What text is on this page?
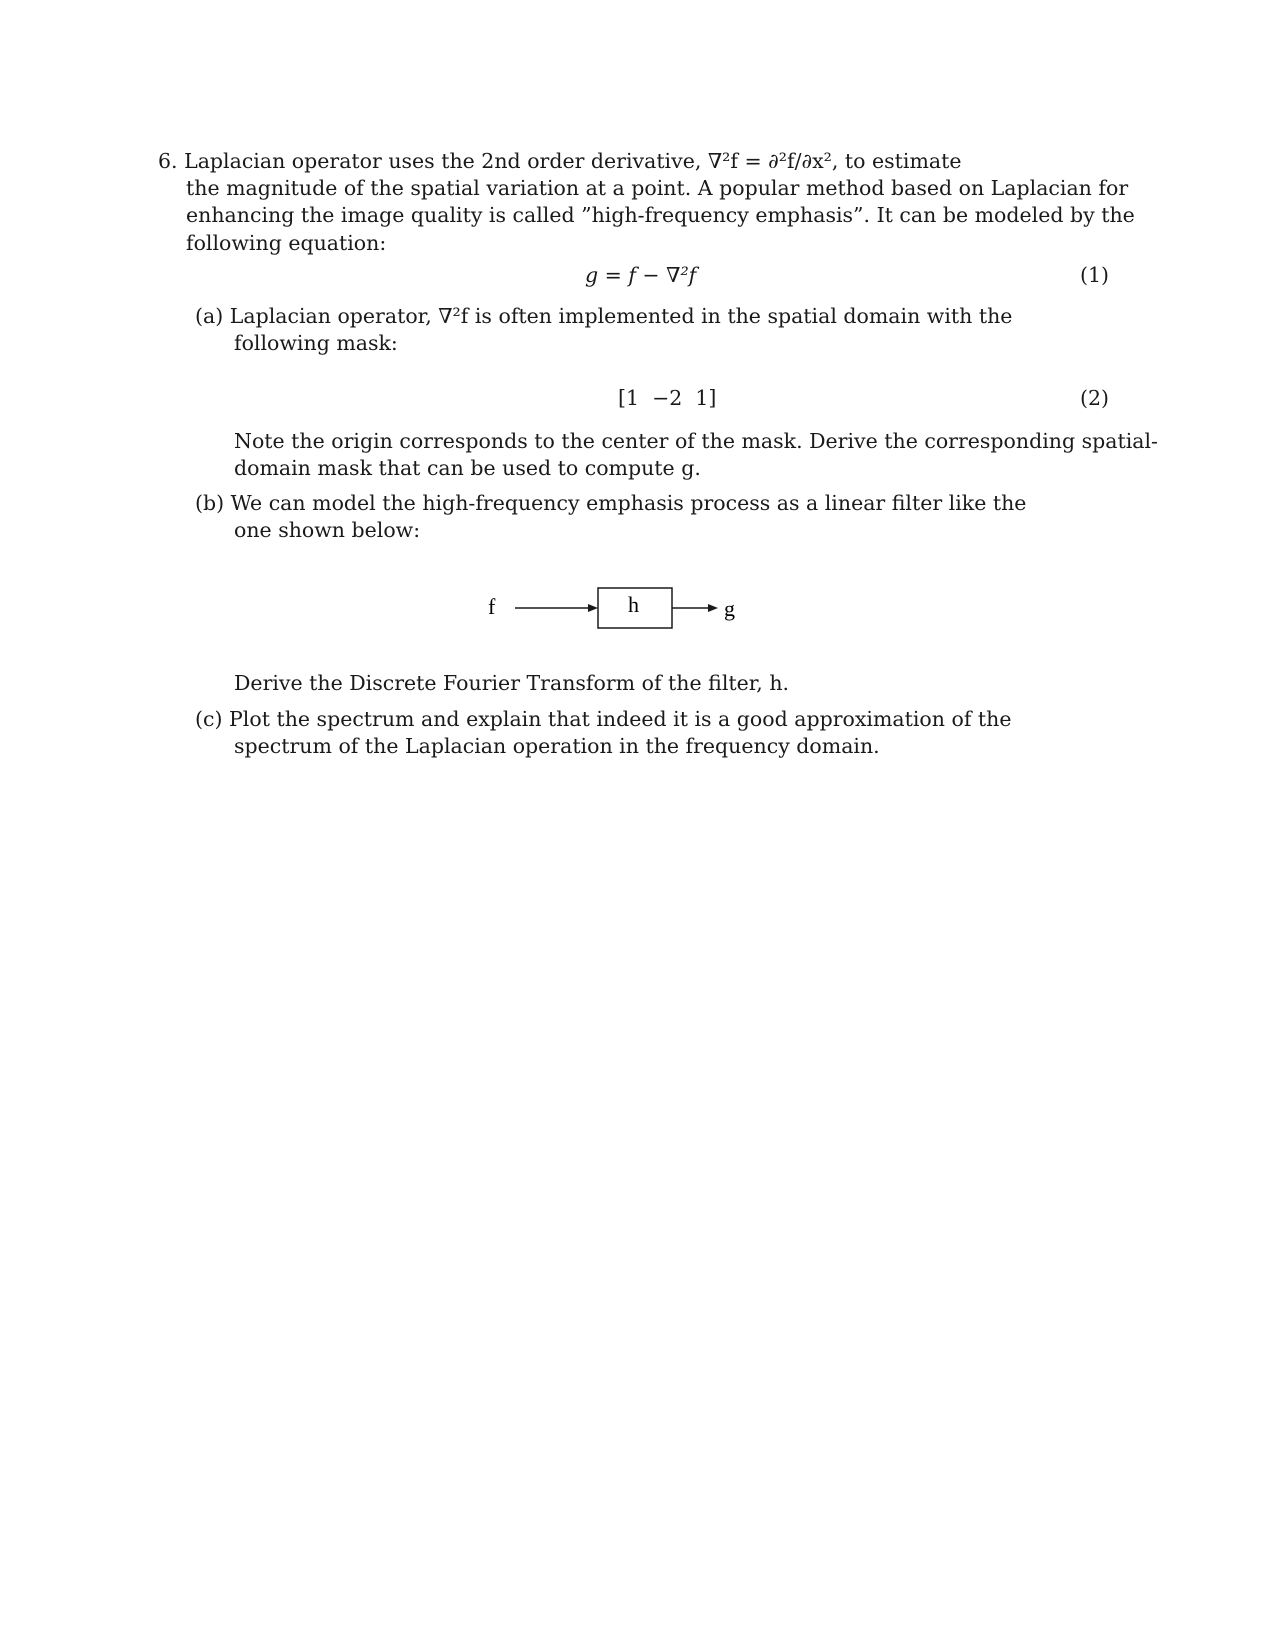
6. Laplacian operator uses the 2nd order derivative, ∇²f = ∂²f/∂x², to estimate
the magnitude of the spatial variation at a point. A popular method based on Laplacian for
enhancing the image quality is called ”high-frequency emphasis”. It can be modeled by the
following equation:
g = f − ∇²f	(1)
(a) Laplacian operator, ∇²f is often implemented in the spatial domain with the
following mask:
[1  −2  1]	(2)
Note the origin corresponds to the center of the mask. Derive the corresponding spatial-
domain mask that can be used to compute g.
(b) We can model the high-frequency emphasis process as a linear filter like the
one shown below:
f	h	g
Derive the Discrete Fourier Transform of the filter, h.
(c) Plot the spectrum and explain that indeed it is a good approximation of the
spectrum of the Laplacian operation in the frequency domain.
